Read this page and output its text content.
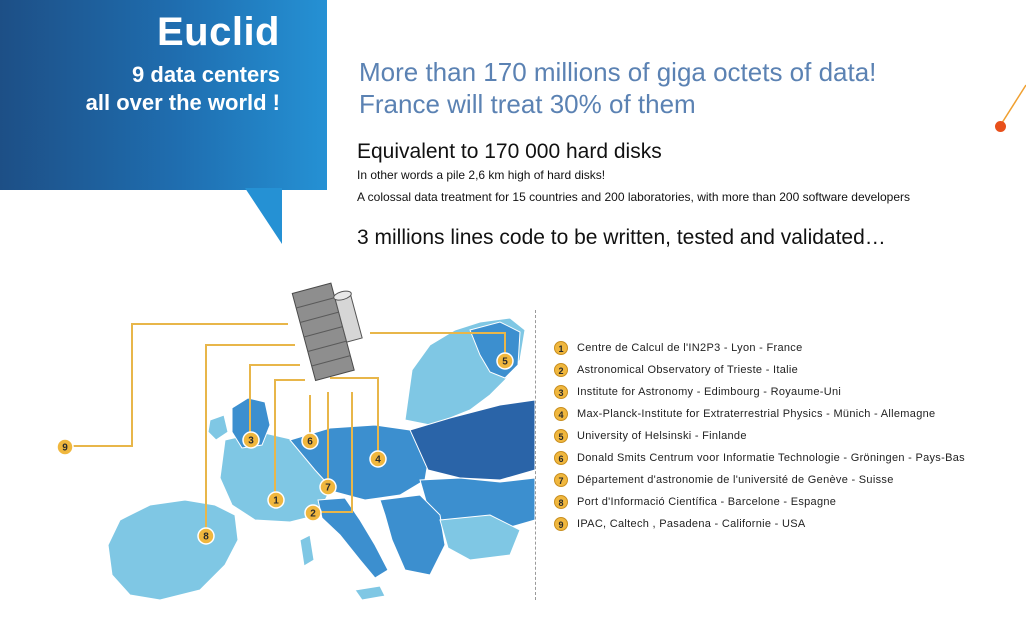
Euclid
9 data centers
all over the world !
More than 170 millions of giga octets of data!
France will treat 30% of them
Equivalent to 170 000 hard disks
In other words a pile 2,6 km high of hard disks!
A colossal data treatment for 15 countries and 200 laboratories, with more than 200 software developers
3 millions lines code to be written, tested and validated…
1
2
3
4
5
6
7
8
9
1	Centre de Calcul de l'IN2P3 - Lyon - France
2	Astronomical Observatory of Trieste - Italie
3	Institute for Astronomy - Edimbourg - Royaume-Uni
4	Max-Planck-Institute for Extraterrestrial Physics - Münich - Allemagne
5	University of Helsinski - Finlande
6	Donald Smits Centrum voor Informatie Technologie - Gröningen - Pays-Bas
7	Département d'astronomie de l'université de Genève - Suisse
8	Port d'Informació Científica - Barcelone - Espagne
9	IPAC, Caltech , Pasadena - Californie - USA
